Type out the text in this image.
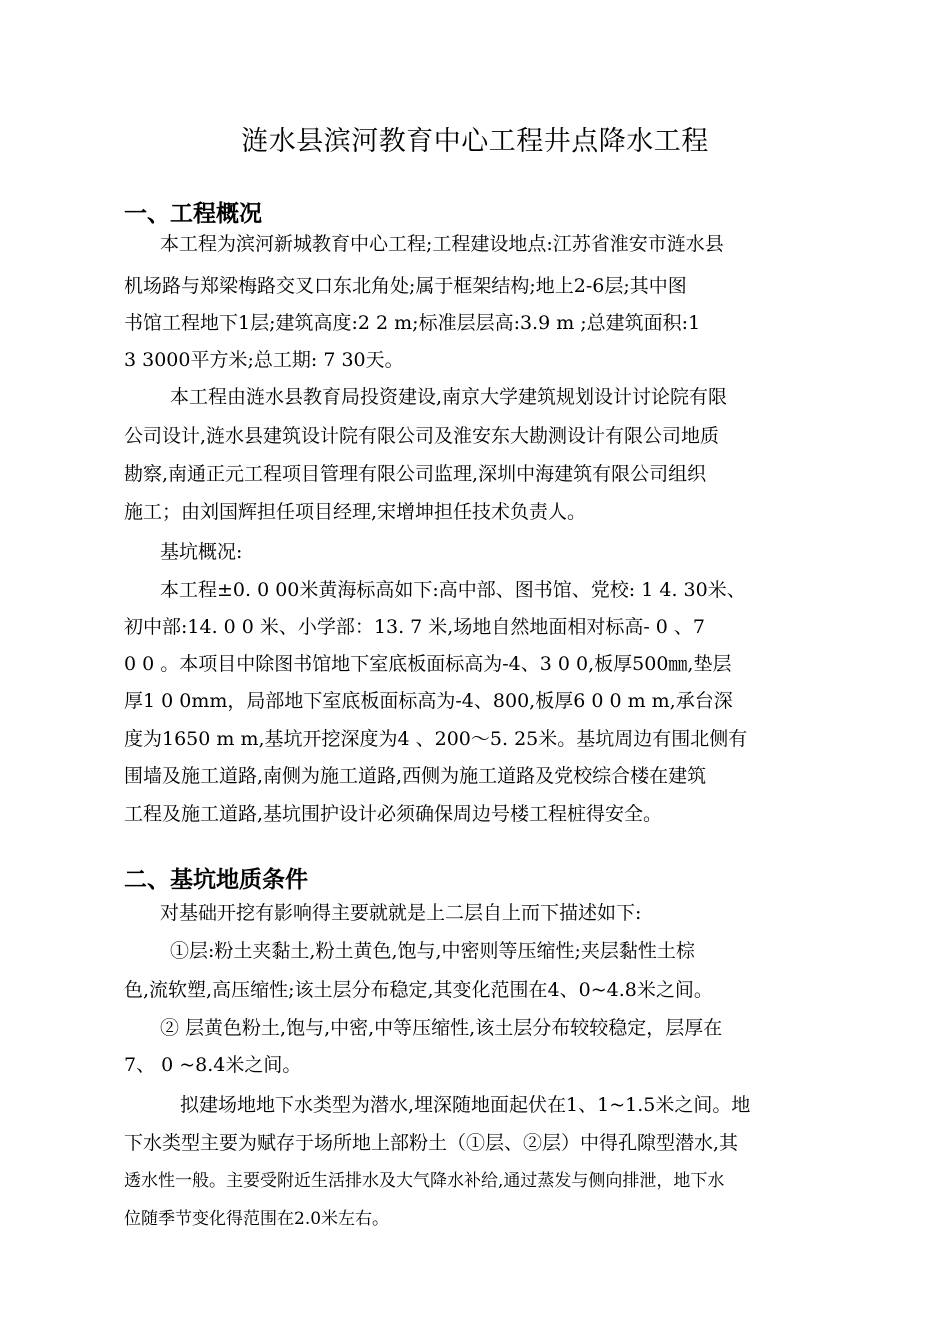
涟水县滨河教育中心工程井点降水工程
一、工程概况
本工程为滨河新城教育中心工程;工程建设地点:江苏省淮安市涟水县
机场路与郑梁梅路交叉口东北角处;属于框架结构;地上2-6层;其中图
书馆工程地下1层;建筑高度:2 2 m;标准层层高:3.9 m ;总建筑面积:1
3 3000平方米;总工期: 7 30天。
本工程由涟水县教育局投资建设,南京大学建筑规划设计讨论院有限
公司设计,涟水县建筑设计院有限公司及淮安东大勘测设计有限公司地质
勘察,南通正元工程项目管理有限公司监理,深圳中海建筑有限公司组织
施工；由刘国辉担任项目经理,宋增坤担任技术负责人。
基坑概况:
本工程±0. 0 00米黄海标高如下:高中部、图书馆、党校: 1 4. 30米、
初中部:14. 0 0 米、小学部：13. 7 米,场地自然地面相对标高- 0 、7
0 0 。本项目中除图书馆地下室底板面标高为-4、3 0 0,板厚500㎜,垫层
厚1 0 0mm，局部地下室底板面标高为-4、800,板厚6 0 0 m m,承台深
度为1650 m m,基坑开挖深度为4 、200～5. 25米。基坑周边有围北侧有
围墙及施工道路,南侧为施工道路,西侧为施工道路及党校综合楼在建筑
工程及施工道路,基坑围护设计必须确保周边号楼工程桩得安全。
二、基坑地质条件
对基础开挖有影响得主要就就是上二层自上而下描述如下:
①层:粉土夹黏土,粉土黄色,饱与,中密则等压缩性;夹层黏性土棕
色,流软塑,高压缩性;该土层分布稳定,其变化范围在4、0~4.8米之间。
② 层黄色粉土,饱与,中密,中等压缩性,该土层分布较较稳定，层厚在
7、 0 ~8.4米之间。
拟建场地地下水类型为潜水,埋深随地面起伏在1、1~1.5米之间。地
下水类型主要为赋存于场所地上部粉土（①层、②层）中得孔隙型潜水,其
透水性一般。主要受附近生活排水及大气降水补给,通过蒸发与侧向排泄，地下水
位随季节变化得范围在2.0米左右。
